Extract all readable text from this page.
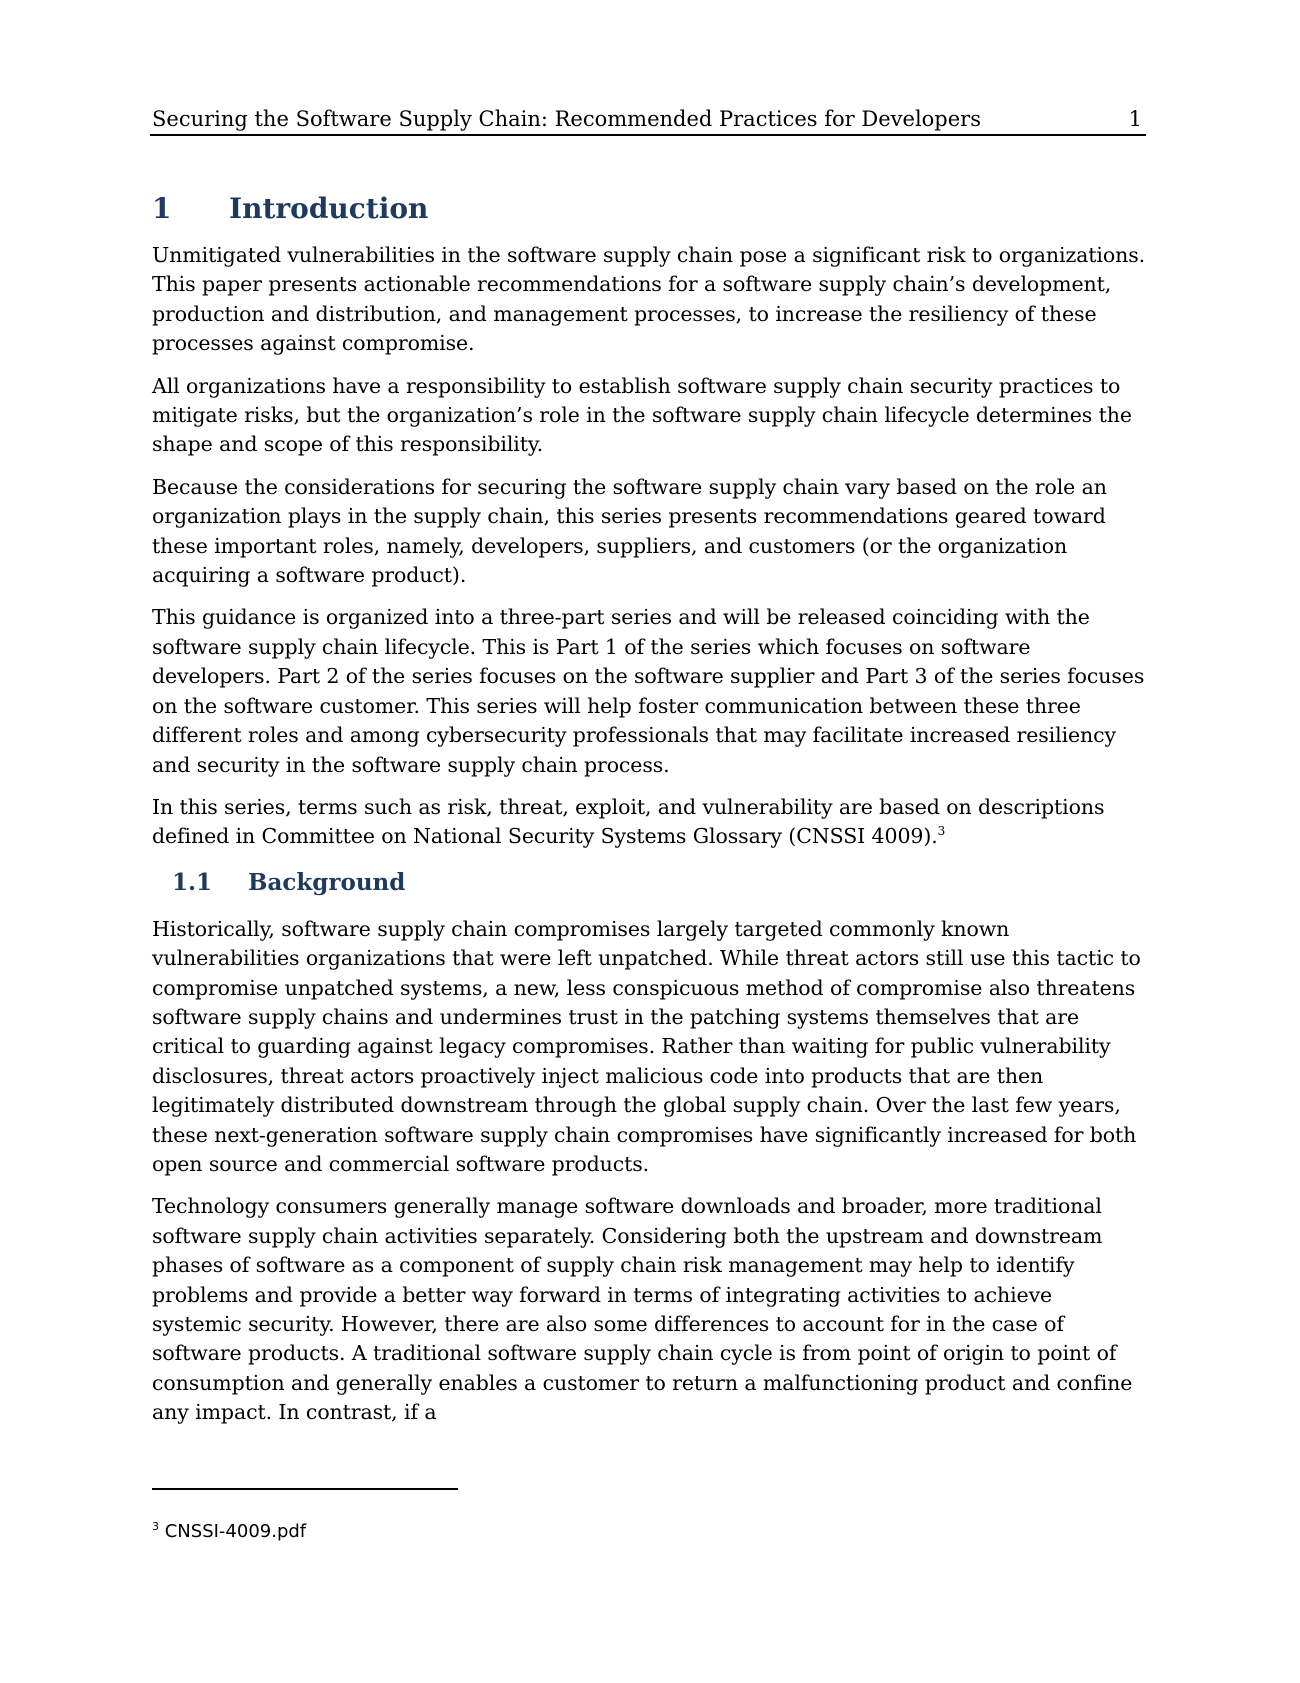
Securing the Software Supply Chain: Recommended Practices for Developers	1
1 Introduction

Unmitigated vulnerabilities in the software supply chain pose a significant risk to organizations. This paper presents actionable recommendations for a software supply chain’s development, production and distribution, and management processes, to increase the resiliency of these processes against compromise.

All organizations have a responsibility to establish software supply chain security practices to mitigate risks, but the organization’s role in the software supply chain lifecycle determines the shape and scope of this responsibility.

Because the considerations for securing the software supply chain vary based on the role an organization plays in the supply chain, this series presents recommendations geared toward these important roles, namely, developers, suppliers, and customers (or the organization acquiring a software product).

This guidance is organized into a three-part series and will be released coinciding with the software supply chain lifecycle. This is Part 1 of the series which focuses on software developers. Part 2 of the series focuses on the software supplier and Part 3 of the series focuses on the software customer. This series will help foster communication between these three different roles and among cybersecurity professionals that may facilitate increased resiliency and security in the software supply chain process.

In this series, terms such as risk, threat, exploit, and vulnerability are based on descriptions defined in Committee on National Security Systems Glossary (CNSSI 4009).$^3$

1.1 Background

Historically, software supply chain compromises largely targeted commonly known vulnerabilities organizations that were left unpatched. While threat actors still use this tactic to compromise unpatched systems, a new, less conspicuous method of compromise also threatens software supply chains and undermines trust in the patching systems themselves that are critical to guarding against legacy compromises. Rather than waiting for public vulnerability disclosures, threat actors proactively inject malicious code into products that are then legitimately distributed downstream through the global supply chain. Over the last few years, these next-generation software supply chain compromises have significantly increased for both open source and commercial software products.

Technology consumers generally manage software downloads and broader, more traditional software supply chain activities separately. Considering both the upstream and downstream phases of software as a component of supply chain risk management may help to identify problems and provide a better way forward in terms of integrating activities to achieve systemic security. However, there are also some differences to account for in the case of software products. A traditional software supply chain cycle is from point of origin to point of consumption and generally enables a customer to return a malfunctioning product and confine any impact. In contrast, if a

$^3$ CNSSI-4009.pdf
